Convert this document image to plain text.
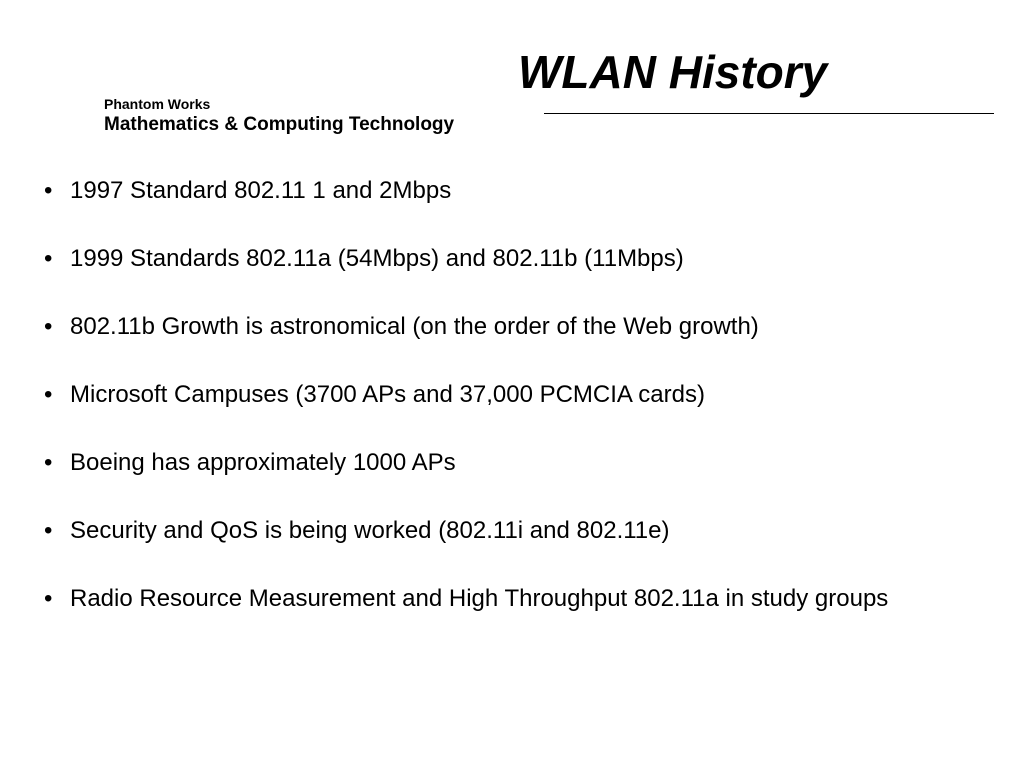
Phantom Works
Mathematics & Computing Technology
WLAN History
• 1997 Standard 802.11 1 and 2Mbps
• 1999 Standards 802.11a (54Mbps) and 802.11b (11Mbps)
• 802.11b Growth is astronomical (on the order of the Web growth)
• Microsoft Campuses (3700 APs and 37,000 PCMCIA cards)
• Boeing has approximately 1000 APs
• Security and QoS is being worked (802.11i and 802.11e)
• Radio Resource Measurement and High Throughput 802.11a in study groups
